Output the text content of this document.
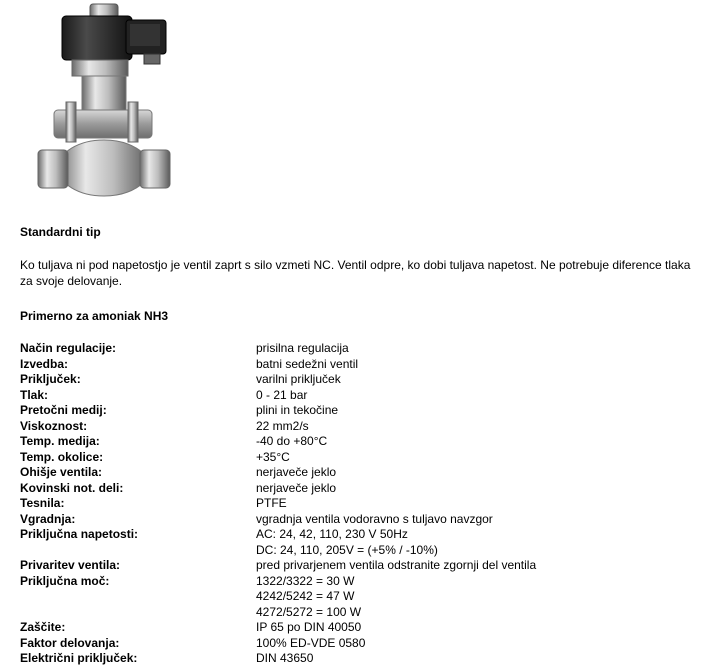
Standardni tip
Ko tuljava ni pod napetostjo je ventil zaprt s silo vzmeti NC. Ventil odpre, ko dobi tuljava napetost. Ne potrebuje diference tlaka za svoje delovanje.
Primerno za amoniak NH3
Način regulacije:	prisilna regulacija
Izvedba:	batni sedežni ventil
Priključek:	varilni priključek
Tlak:	0 - 21 bar
Pretočni medij:	plini in tekočine
Viskoznost:	22 mm2/s
Temp. medija:	-40 do +80°C
Temp. okolice:	+35°C
Ohišje ventila:	nerjaveče jeklo
Kovinski not. deli:	nerjaveče jeklo
Tesnila:	PTFE
Vgradnja:	vgradnja ventila vodoravno s tuljavo navzgor
Priključna napetosti:	AC: 24, 42, 110, 230 V 50Hz
DC: 24, 110, 205V = (+5% / -10%)
Privaritev ventila:	pred privarjenem ventila odstranite zgornji del ventila
Priključna moč:	1322/3322 = 30 W
4242/5242 = 47 W
4272/5272 = 100 W
Zaščite:	IP 65 po DIN 40050
Faktor delovanja:	100% ED-VDE 0580
Električni priključek:	DIN 43650
